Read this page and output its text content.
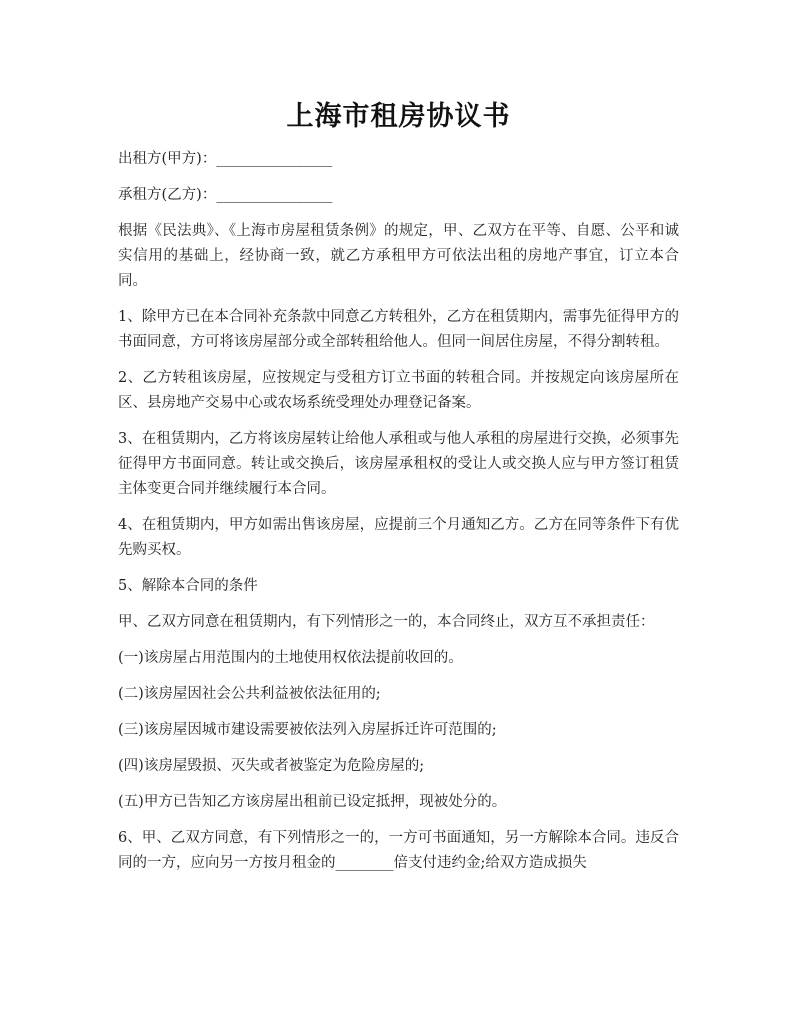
上海市租房协议书

出租方(甲方)：________________

承租方(乙方)：________________

根据《民法典》、《上海市房屋租赁条例》的规定，甲、乙双方在平等、自愿、公平和诚实信用的基础上，经协商一致，就乙方承租甲方可依法出租的房地产事宜，订立本合同。

1、除甲方已在本合同补充条款中同意乙方转租外，乙方在租赁期内，需事先征得甲方的书面同意，方可将该房屋部分或全部转租给他人。但同一间居住房屋，不得分割转租。

2、乙方转租该房屋，应按规定与受租方订立书面的转租合同。并按规定向该房屋所在区、县房地产交易中心或农场系统受理处办理登记备案。

3、在租赁期内，乙方将该房屋转让给他人承租或与他人承租的房屋进行交换，必须事先征得甲方书面同意。转让或交换后，该房屋承租权的受让人或交换人应与甲方签订租赁主体变更合同并继续履行本合同。

4、在租赁期内，甲方如需出售该房屋，应提前三个月通知乙方。乙方在同等条件下有优先购买权。

5、解除本合同的条件

甲、乙双方同意在租赁期内，有下列情形之一的，本合同终止，双方互不承担责任：

(一)该房屋占用范围内的土地使用权依法提前收回的。

(二)该房屋因社会公共利益被依法征用的;

(三)该房屋因城市建设需要被依法列入房屋拆迁许可范围的;

(四)该房屋毁损、灭失或者被鉴定为危险房屋的;

(五)甲方已告知乙方该房屋出租前已设定抵押，现被处分的。

6、甲、乙双方同意，有下列情形之一的，一方可书面通知，另一方解除本合同。违反合同的一方，应向另一方按月租金的________倍支付违约金;给双方造成损失
